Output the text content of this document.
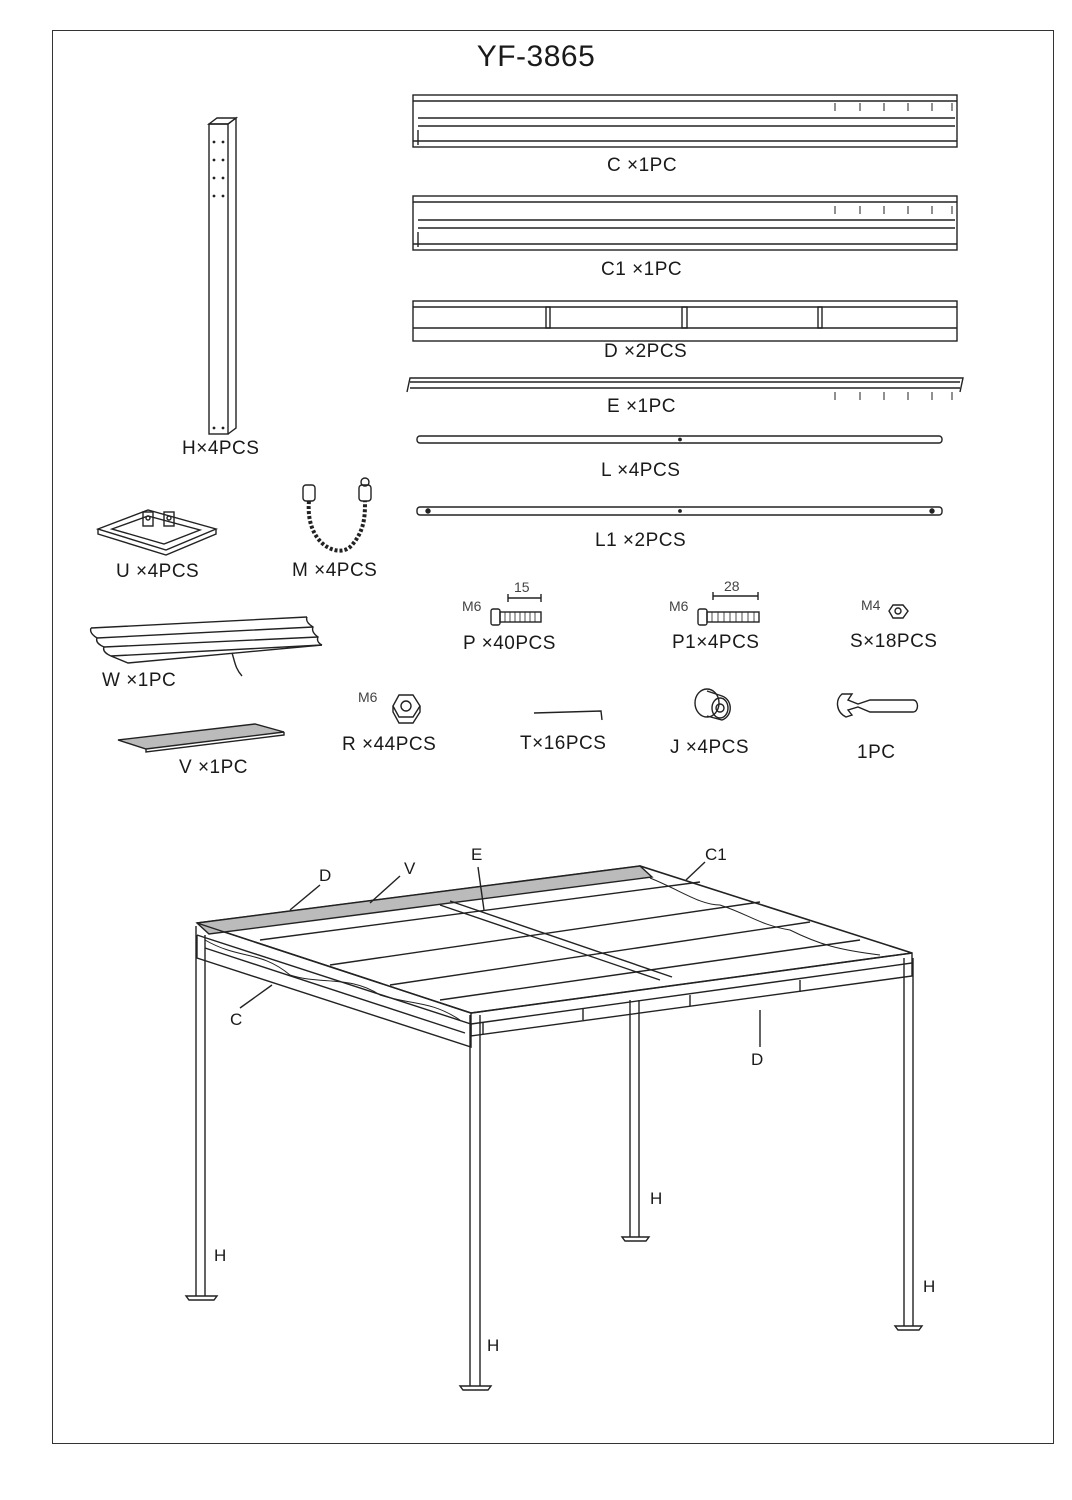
YF-3865
H×4PCS
C ×1PC
C1 ×1PC
D ×2PCS
E ×1PC
L ×4PCS
L1 ×2PCS
U ×4PCS	M ×4PCS
P ×40PCS	P1×4PCS	S×18PCS
W ×1PC
R ×44PCS	T×16PCS	J ×4PCS	1PC
V ×1PC
M6
15
M6
28
M4
M6
D	V
E	C1
C
D
H
H
H
H
